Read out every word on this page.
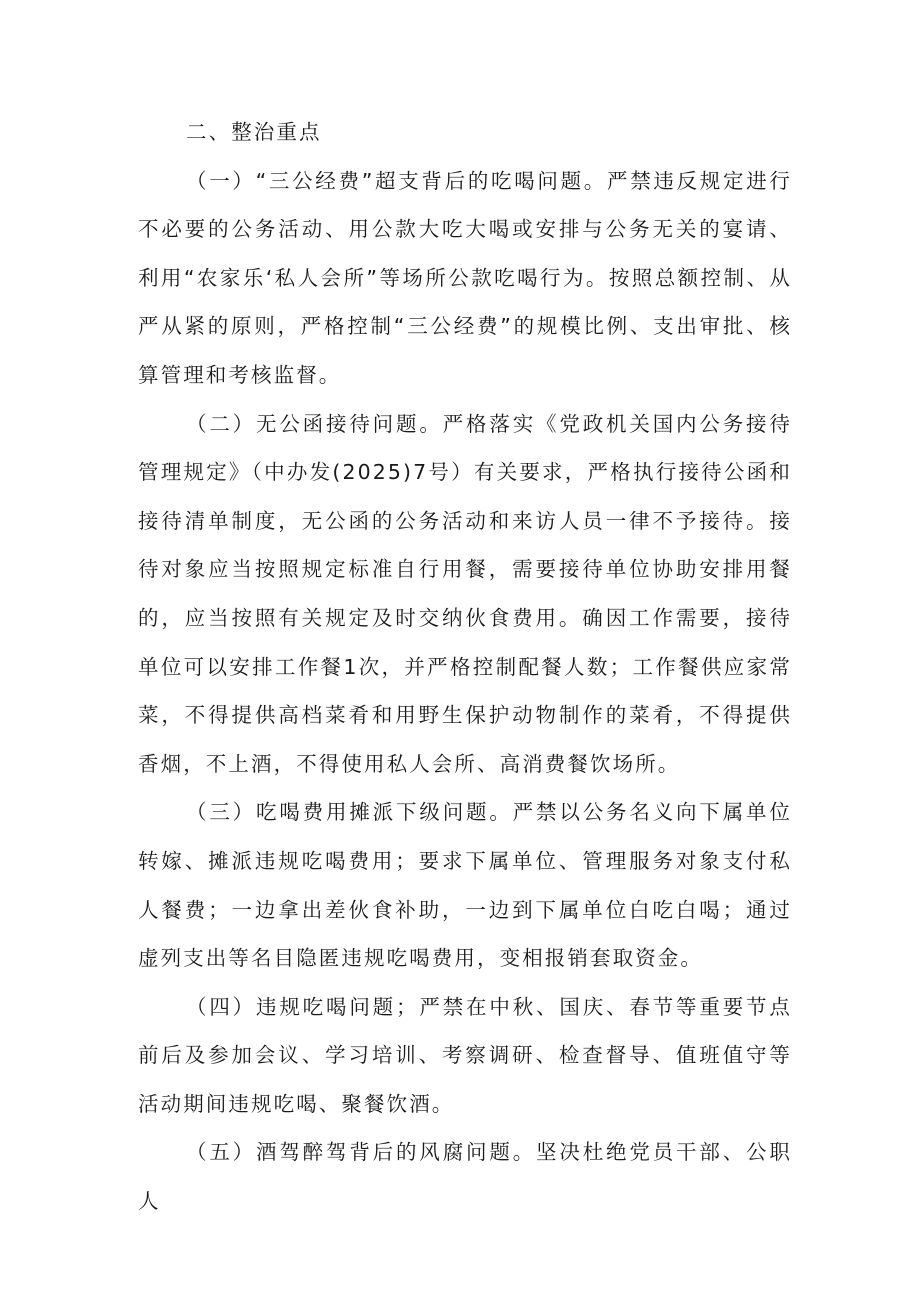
二、整治重点

（一）“三公经费”超支背后的吃喝问题。严禁违反规定进行不必要的公务活动、用公款大吃大喝或安排与公务无关的宴请、利用“农家乐‘私人会所”等场所公款吃喝行为。按照总额控制、从严从紧的原则，严格控制“三公经费”的规模比例、支出审批、核算管理和考核监督。

（二）无公函接待问题。严格落实《党政机关国内公务接待管理规定》（中办发(2025)7号）有关要求，严格执行接待公函和接待清单制度，无公函的公务活动和来访人员一律不予接待。接待对象应当按照规定标准自行用餐，需要接待单位协助安排用餐的，应当按照有关规定及时交纳伙食费用。确因工作需要，接待单位可以安排工作餐1次，并严格控制配餐人数；工作餐供应家常菜，不得提供高档菜肴和用野生保护动物制作的菜肴，不得提供香烟，不上酒，不得使用私人会所、高消费餐饮场所。

（三）吃喝费用摊派下级问题。严禁以公务名义向下属单位转嫁、摊派违规吃喝费用；要求下属单位、管理服务对象支付私人餐费；一边拿出差伙食补助，一边到下属单位白吃白喝；通过虚列支出等名目隐匿违规吃喝费用，变相报销套取资金。

（四）违规吃喝问题；严禁在中秋、国庆、春节等重要节点前后及参加会议、学习培训、考察调研、检查督导、值班值守等活动期间违规吃喝、聚餐饮酒。

（五）酒驾醉驾背后的风腐问题。坚决杜绝党员干部、公职人
